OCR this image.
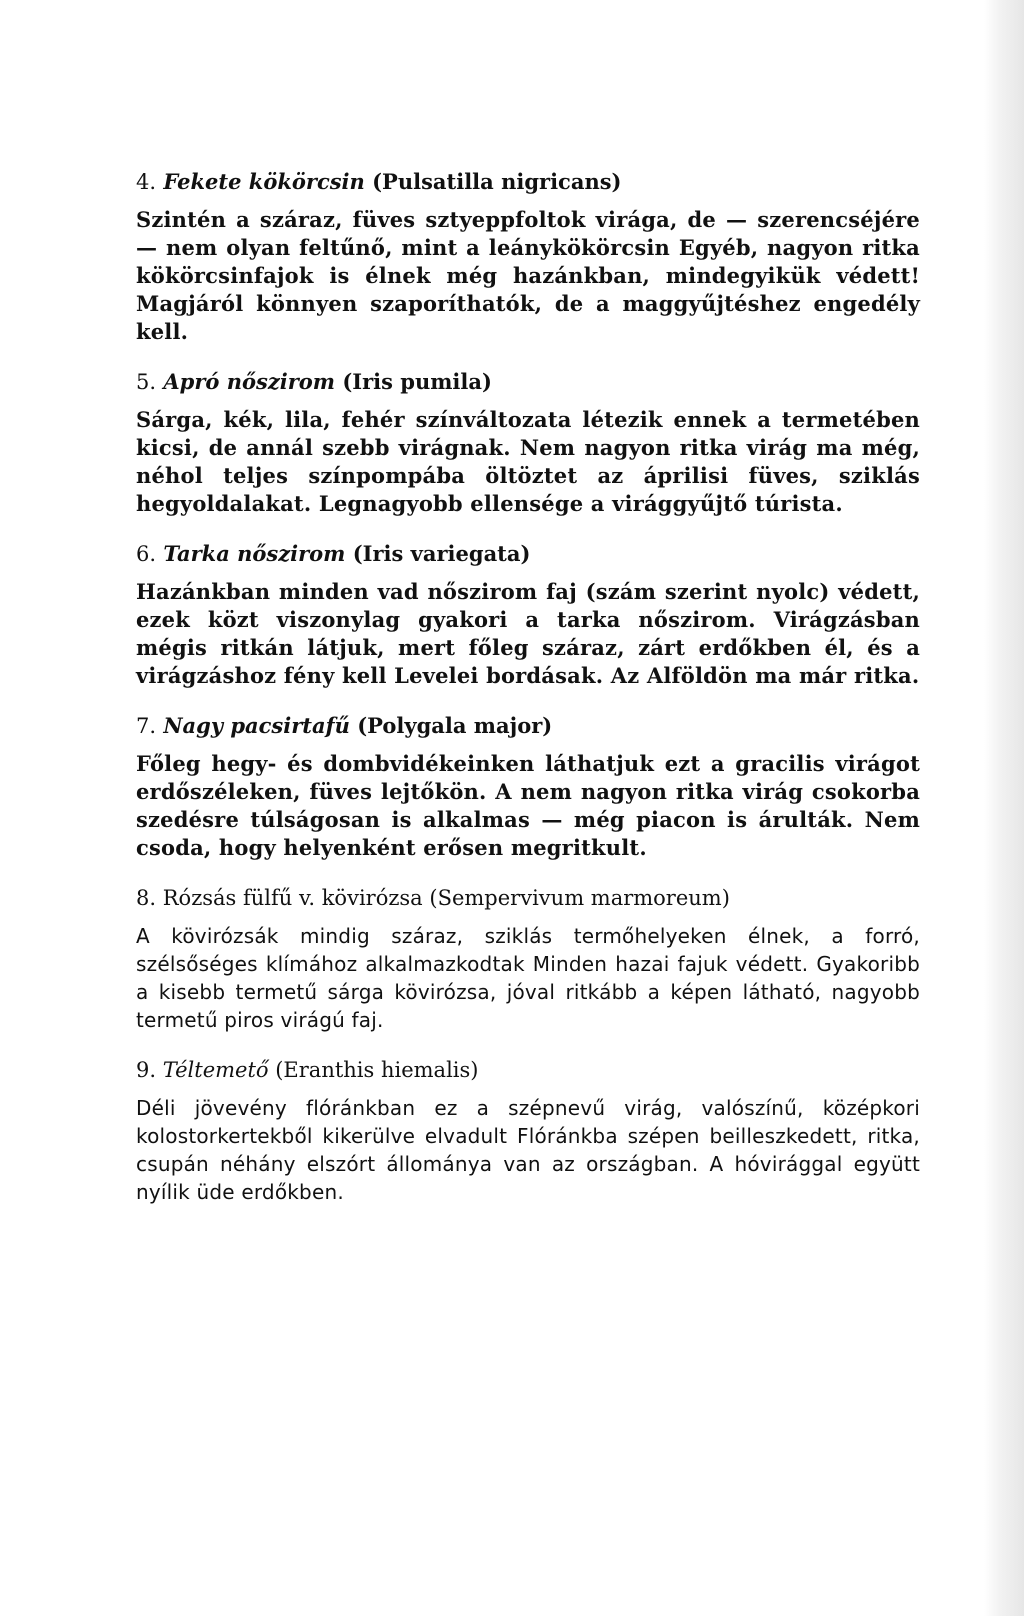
4. Fekete kökörcsin (Pulsatilla nigricans)
Szintén a száraz, füves sztyeppfoltok virága, de — szerencséjére — nem olyan feltűnő, mint a leánykökörcsin Egyéb, nagyon ritka kökörcsinfajok is élnek még hazánkban, mindegyikük védett! Magjáról könnyen szaporíthatók, de a maggyűjtéshez engedély kell.
5. Apró nőszirom (Iris pumila)
Sárga, kék, lila, fehér színváltozata létezik ennek a termetében kicsi, de annál szebb virágnak. Nem nagyon ritka virág ma még, néhol teljes színpompába öltöztet az áprilisi füves, sziklás hegyoldalakat. Legnagyobb ellensége a virággyűjtő túrista.
6. Tarka nőszirom (Iris variegata)
Hazánkban minden vad nőszirom faj (szám szerint nyolc) védett, ezek közt viszonylag gyakori a tarka nőszirom. Virágzásban mégis ritkán látjuk, mert főleg száraz, zárt erdőkben él, és a virágzáshoz fény kell Levelei bordásak. Az Alföldön ma már ritka.
7. Nagy pacsirtafű (Polygala major)
Főleg hegy- és dombvidékeinken láthatjuk ezt a gracilis virágot erdőszéleken, füves lejtőkön. A nem nagyon ritka virág csokorba szedésre túlságosan is alkalmas — még piacon is árulták. Nem csoda, hogy helyenként erősen megritkult.
8. Rózsás fülfű v. kövirózsa (Sempervivum marmoreum)
A kövirózsák mindig száraz, sziklás termőhelyeken élnek, a forró, szélsőséges klímához alkalmazkodtak Minden hazai fajuk védett. Gyakoribb a kisebb termetű sárga kövirózsa, jóval ritkább a képen látható, nagyobb termetű piros virágú faj.
9. Téltemető (Eranthis hiemalis)
Déli jövevény flóránkban ez a szépnevű virág, valószínű, középkori kolostorkertekből kikerülve elvadult Flóránkba szépen beilleszkedett, ritka, csupán néhány elszórt állománya van az országban. A hóvirággal együtt nyílik üde erdőkben.
